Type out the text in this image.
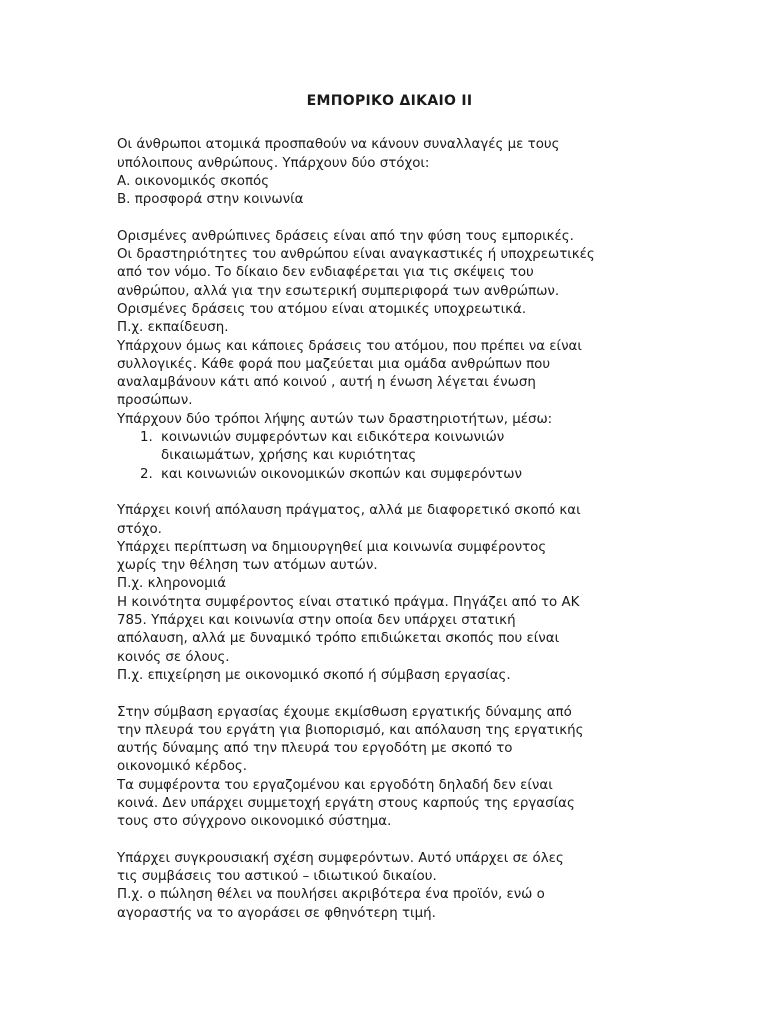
ΕΜΠΟΡΙΚΟ ΔΙΚΑΙΟ ΙΙ
Οι άνθρωποι ατομικά προσπαθούν να κάνουν συναλλαγές με τους
υπόλοιπους ανθρώπους. Υπάρχουν δύο στόχοι:
Α. οικονομικός σκοπός
Β. προσφορά στην κοινωνία
Ορισμένες ανθρώπινες δράσεις είναι από την φύση τους εμπορικές.
Οι δραστηριότητες του ανθρώπου είναι αναγκαστικές ή υποχρεωτικές
από τον νόμο. Το δίκαιο δεν ενδιαφέρεται για τις σκέψεις του
ανθρώπου, αλλά για την εσωτερική συμπεριφορά των ανθρώπων.
Ορισμένες δράσεις του ατόμου είναι ατομικές υποχρεωτικά.
Π.χ. εκπαίδευση.
Υπάρχουν όμως και κάποιες δράσεις του ατόμου, που πρέπει να είναι
συλλογικές. Κάθε φορά που μαζεύεται μια ομάδα ανθρώπων που
αναλαμβάνουν κάτι από κοινού , αυτή η ένωση λέγεται ένωση
προσώπων.
Υπάρχουν δύο τρόποι λήψης αυτών των δραστηριοτήτων, μέσω:
1. κοινωνιών συμφερόντων και ειδικότερα κοινωνιών
δικαιωμάτων, χρήσης και κυριότητας
2. και κοινωνιών οικονομικών σκοπών και συμφερόντων
Υπάρχει κοινή απόλαυση πράγματος, αλλά με διαφορετικό σκοπό και
στόχο.
Υπάρχει περίπτωση να δημιουργηθεί μια κοινωνία συμφέροντος
χωρίς την θέληση των ατόμων αυτών.
Π.χ. κληρονομιά
Η κοινότητα συμφέροντος είναι στατικό πράγμα. Πηγάζει από το ΑΚ
785. Υπάρχει και κοινωνία στην οποία δεν υπάρχει στατική
απόλαυση, αλλά με δυναμικό τρόπο επιδιώκεται σκοπός που είναι
κοινός σε όλους.
Π.χ. επιχείρηση με οικονομικό σκοπό ή σύμβαση εργασίας.
Στην σύμβαση εργασίας έχουμε εκμίσθωση εργατικής δύναμης από
την πλευρά του εργάτη για βιοπορισμό, και απόλαυση της εργατικής
αυτής δύναμης από την πλευρά του εργοδότη με σκοπό το
οικονομικό κέρδος.
Τα συμφέροντα του εργαζομένου και εργοδότη δηλαδή δεν είναι
κοινά. Δεν υπάρχει συμμετοχή εργάτη στους καρπούς της εργασίας
τους στο σύγχρονο οικονομικό σύστημα.
Υπάρχει συγκρουσιακή σχέση συμφερόντων. Αυτό υπάρχει σε όλες
τις συμβάσεις του αστικού – ιδιωτικού δικαίου.
Π.χ. ο πώληση θέλει να πουλήσει ακριβότερα ένα προϊόν, ενώ ο
αγοραστής να το αγοράσει σε φθηνότερη τιμή.
